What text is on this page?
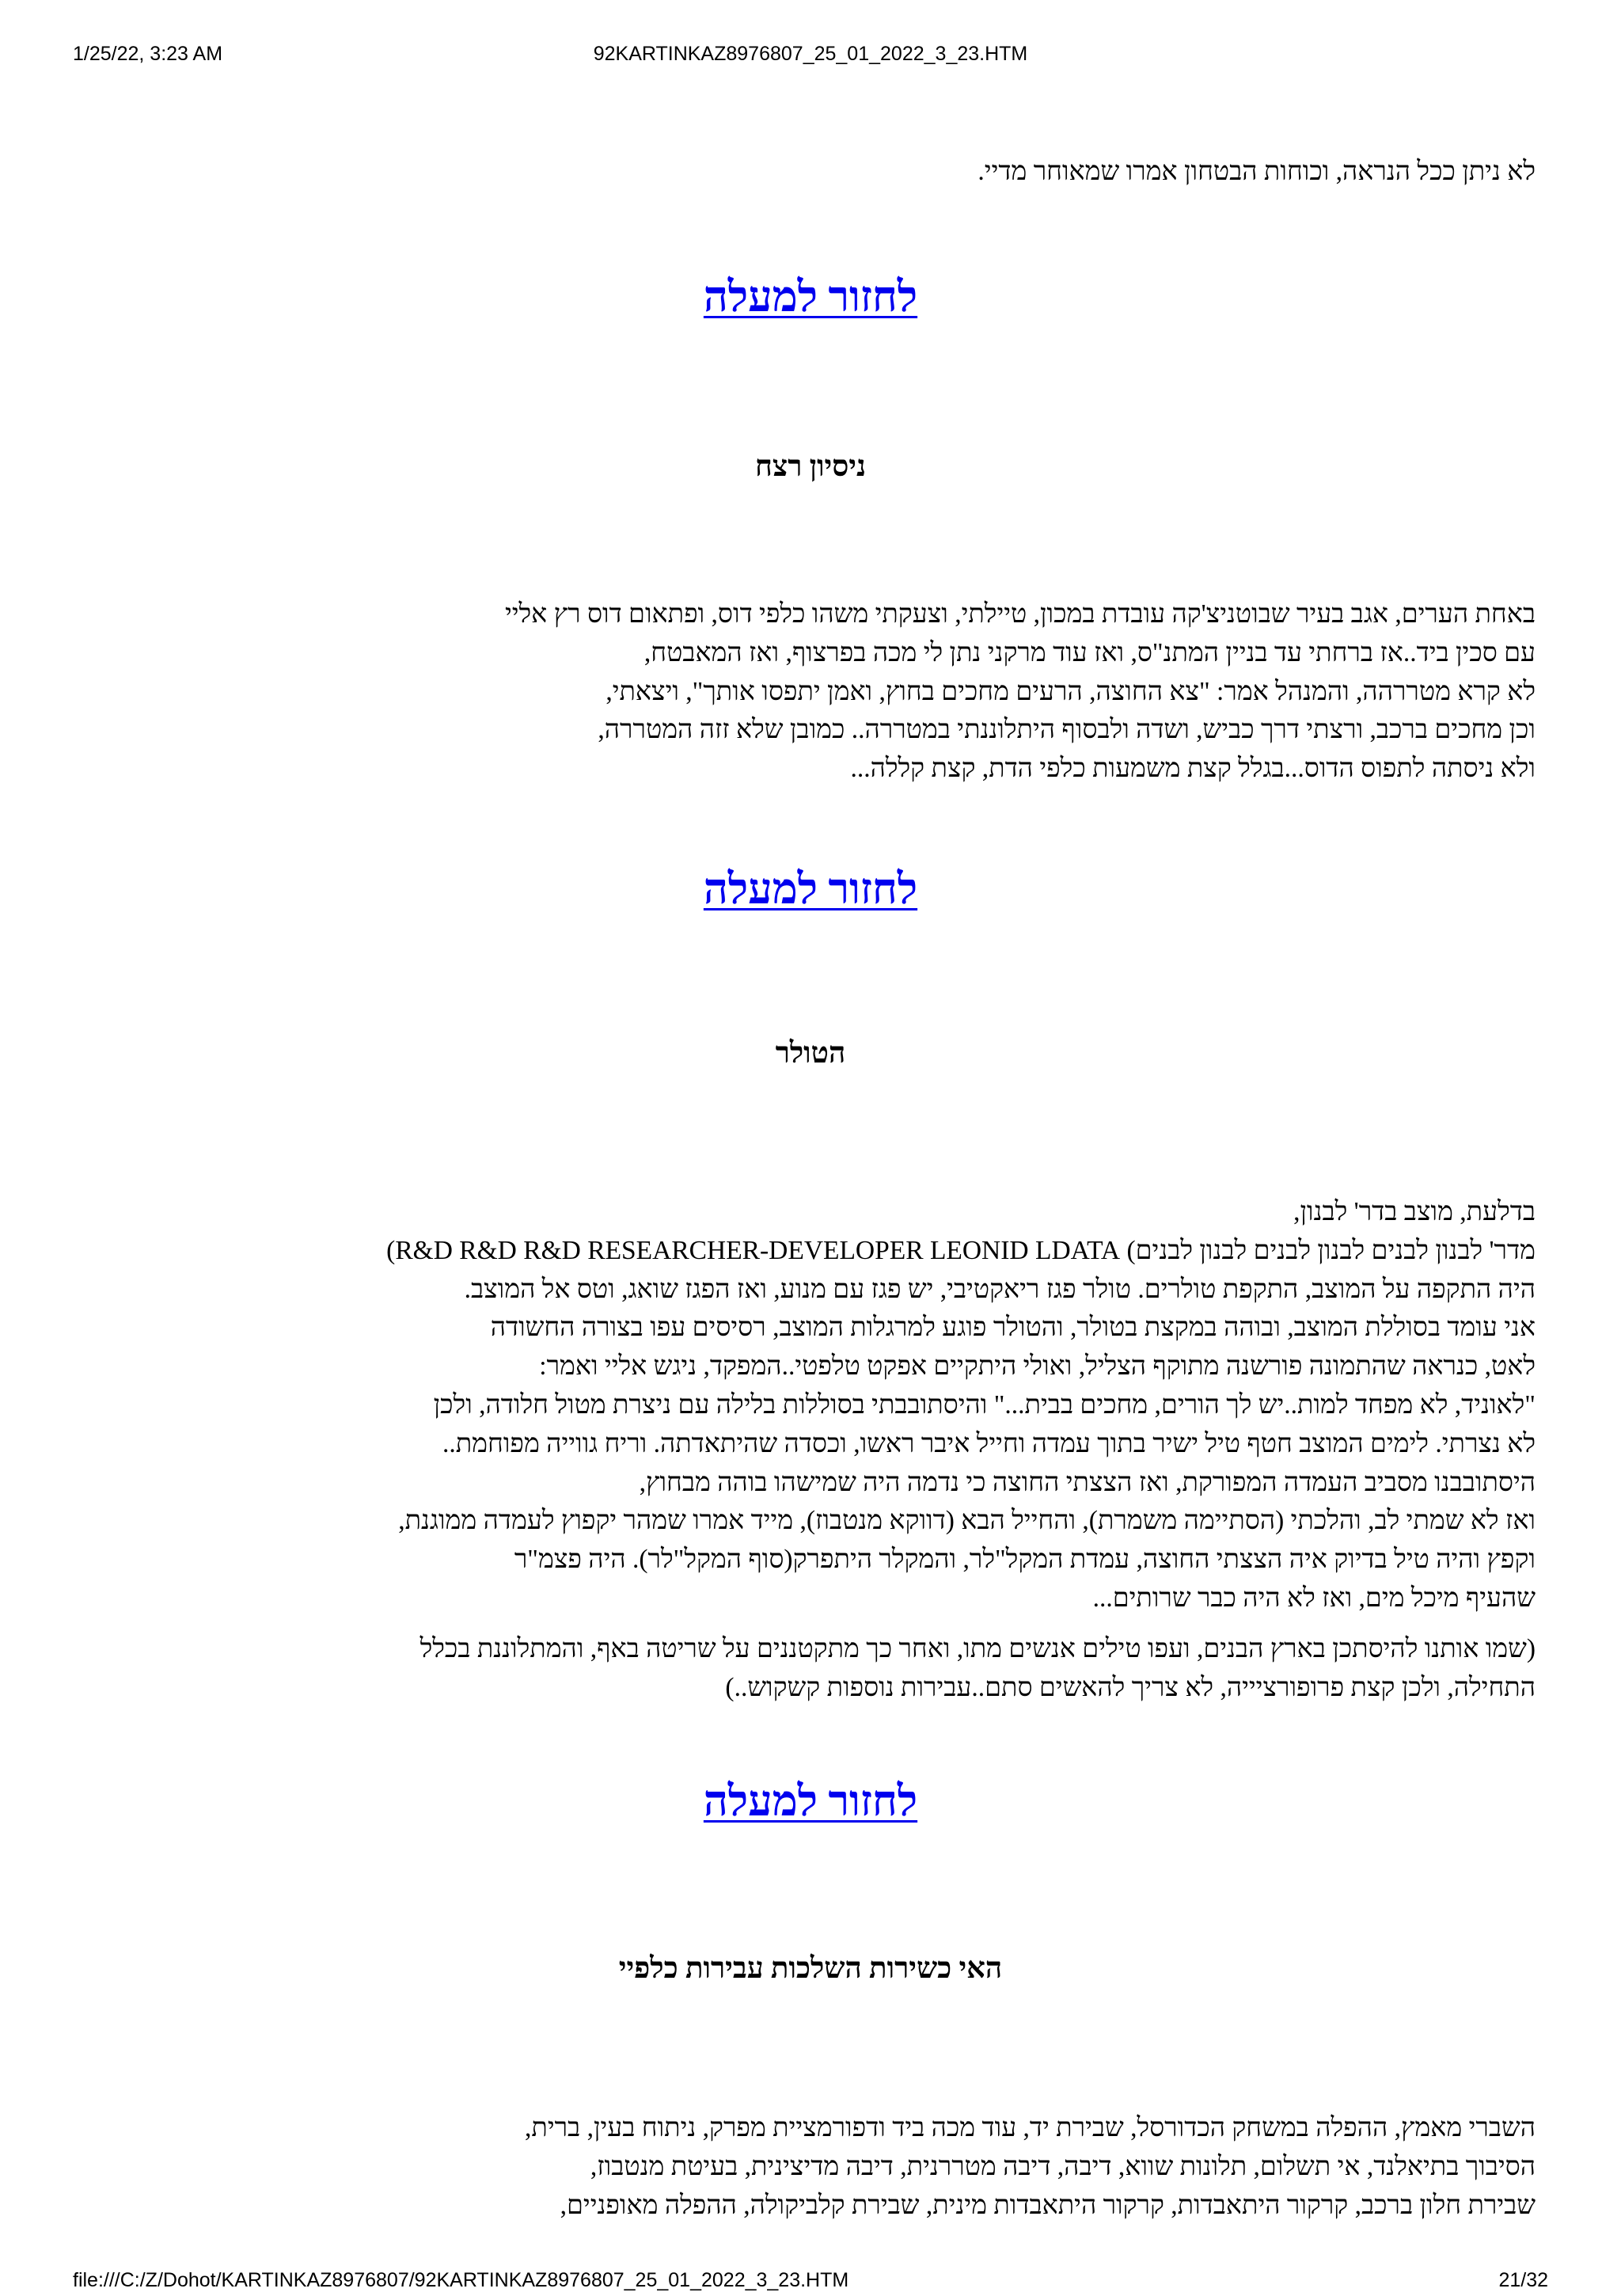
1/25/22, 3:23 AM	92KARTINKAZ8976807_25_01_2022_3_23.HTM
לא ניתן ככל הנראה, וכוחות הבטחון אמרו שמאוחר מדיי.
לחזור למעלה
ניסיון רצח
באחת הערים, אגב בעיר שבוטניצ'קה עובדת במכון, טיילתי, וצעקתי משהו כלפי דוס, ופתאום דוס רץ אליי
עם סכין ביד..אז ברחתי עד בניין המתנ"ס, ואז עוד מרקני נתן לי מכה בפרצוף, ואז המאבטח,
לא קרא מטררהה, והמנהל אמר: "צא החוצה, הרעים מחכים בחוץ, ואמן יתפסו אותך", ויצאתי,
וכן מחכים ברכב, ורצתי דרך כביש, ושדה ולבסוף היתלוננתי במטררה.. כמובן שלא זזה המטררה,
ולא ניסתה לתפוס הדוס...בגלל קצת משמעות כלפי הדת, קצת קללה...
לחזור למעלה
הטולר
בדלעת, מוצב בדר' לבנון,
מדר' לבנון לבנים לבנון לבנים לבנון לבנים) R&D R&D R&D RESEARCHER-DEVELOPER LEONID LDATA)
היה התקפה על המוצב, התקפת טולרים. טולר פגז ריאקטיבי, יש פגז עם מנוע, ואז הפגז שואג, וטס אל המוצב.
אני עומד בסוללת המוצב, ובוהה במקצת בטולר, והטולר פוגע למרגלות המוצב, רסיסים עפו בצורה החשודה
לאט, כנראה שהתמונה פורשנה מתוקף הצליל, ואולי היתקיים אפקט טלפטי..המפקד, ניגש אליי ואמר:
"לאוניד, לא מפחד למות..יש לך הורים, מחכים בבית..." והיסתובבתי בסוללות בלילה עם ניצרת מטול חלודה, ולכן
לא נצרתי. לימים המוצב חטף טיל ישיר בתוך עמדה וחייל איבר ראשו, וכסדה שהיתאדתה. וריח גווייה מפוחמת..
היסתובבנו מסביב העמדה המפורקת, ואז הצצתי החוצה כי נדמה היה שמישהו בוהה מבחוץ,
ואז לא שמתי לב, והלכתי (הסתיימה משמרת), והחייל הבא (דווקא מנטבוז), מייד אמרו שמהר יקפוץ לעמדה ממוגנת,
וקפץ והיה טיל בדיוק איה הצצתי החוצה, עמדת המקל"לר, והמקלר היתפרק(סוף המקל"לר). היה פצמ"ר
שהעיף מיכל מים, ואז לא היה כבר שרותים...
(שמו אותנו להיסתכן בארץ הבנים, ועפו טילים אנשים מתו, ואחר כך מתקטננים על שריטה באף, והמתלוננת בכלל
התחילה, ולכן קצת פרופורציייה, לא צריך להאשים סתם..עבירות נוספות קשקוש..)
לחזור למעלה
האי כשירות השלכות עבירות כלפיי
השברי מאמץ, ההפלה במשחק הכדורסל, שבירת יד, עוד מכה ביד ודפורמציית מפרק, ניתוח בעין, ברית,
הסיבוך בתיאלנד, אי תשלום, תלונות שווא, דיבה, דיבה מטררנית, דיבה מדיצינית, בעיטת מנטבוז,
שבירת חלון ברכב, קרקור היתאבדות, קרקור היתאבדות מינית, שבירת קלביקולה, ההפלה מאופניים,
file:///C:/Z/Dohot/KARTINKAZ8976807/92KARTINKAZ8976807_25_01_2022_3_23.HTM	21/32
